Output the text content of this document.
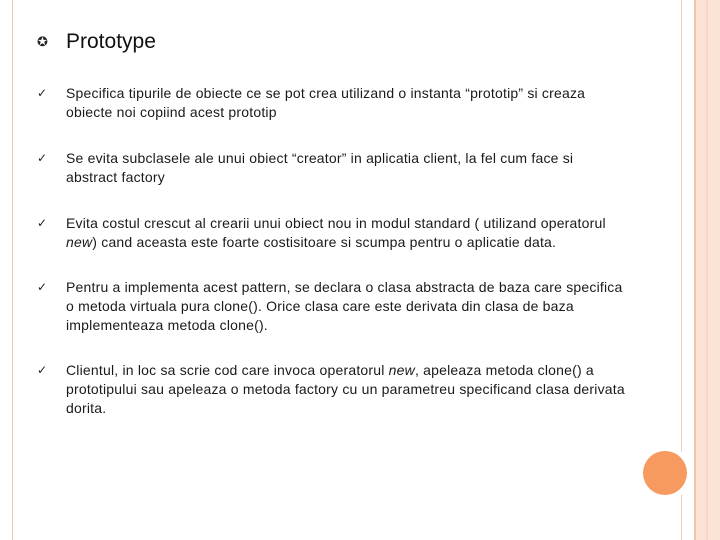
✪ Prototype
✓ Specifica tipurile de obiecte ce se pot crea utilizand o instanta “prototip” si creaza obiecte noi copiind acest prototip
✓ Se evita subclasele ale unui obiect “creator” in aplicatia client, la fel cum face si abstract factory
✓ Evita costul crescut al crearii unui obiect nou in modul standard ( utilizand operatorul new) cand aceasta este foarte costisitoare si scumpa pentru o aplicatie data.
✓ Pentru a implementa acest pattern, se declara o clasa abstracta de baza care specifica o metoda virtuala pura clone(). Orice clasa care este derivata din clasa de baza implementeaza metoda clone().
✓ Clientul, in loc sa scrie cod care invoca operatorul new, apeleaza metoda clone() a prototipului sau apeleaza o metoda factory cu un parametreu specificand clasa derivata dorita.
